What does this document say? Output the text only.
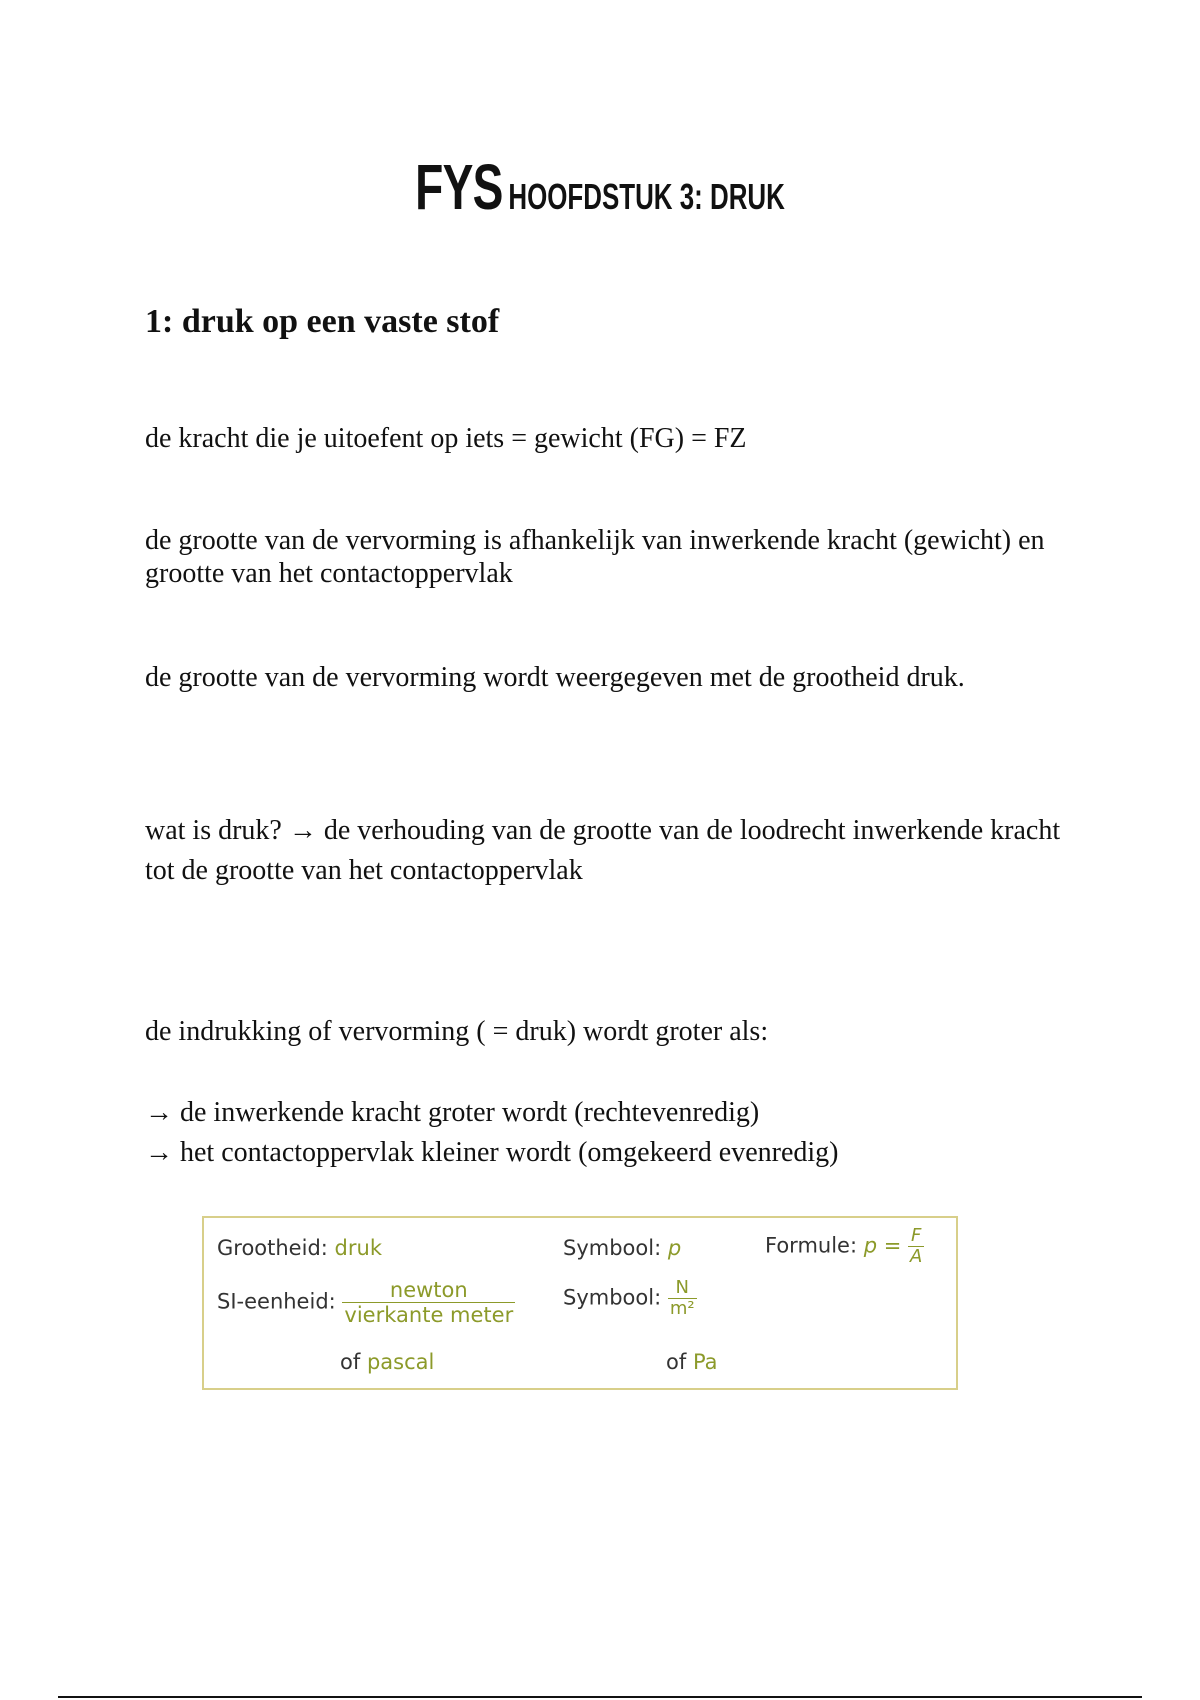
FYS HOOFDSTUK 3: DRUK
1: druk op een vaste stof

de kracht die je uitoefent op iets = gewicht (FG) = FZ

de grootte van de vervorming is afhankelijk van inwerkende kracht (gewicht) en grootte van het contactoppervlak

de grootte van de vervorming wordt weergegeven met de grootheid druk.

wat is druk? → de verhouding van de grootte van de loodrecht inwerkende kracht tot de grootte van het contactoppervlak

de indrukking of vervorming ( = druk) wordt groter als:

→ de inwerkende kracht groter wordt (rechtevenredig)
→ het contactoppervlak kleiner wordt (omgekeerd evenredig)
Grootheid: druk	Symbool: p	Formule: $p = \frac{F}{A}$
SI-eenheid: $\frac{\text{newton}}{\text{vierkante meter}}$ Symbool: $\frac{N}{\text{m²}}$
of pascal	of Pa
